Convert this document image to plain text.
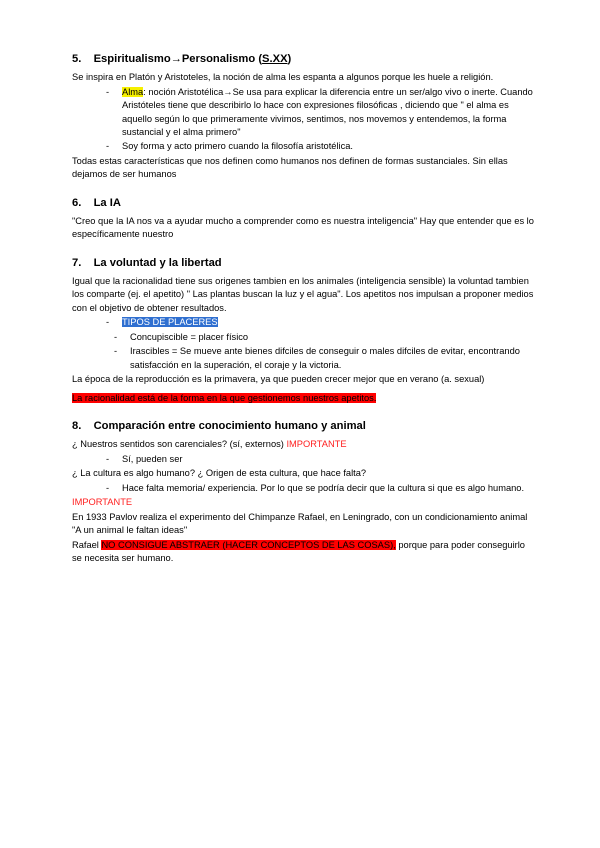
5. Espiritualismo→Personalismo (S.XX)

Se inspira en Platón y Aristoteles, la noción de alma les espanta a algunos porque les huele a religión.

- Alma: noción Aristotélica→Se usa para explicar la diferencia entre un ser/algo vivo o inerte. Cuando Aristóteles tiene que describirlo lo hace con expresiones filosóficas , diciendo que " el alma es aquello según lo que primeramente vivimos, sentimos, nos movemos y entendemos, la forma sustancial y el alma primero"
- Soy forma y acto primero cuando la filosofía aristotélica.

Todas estas características que nos definen como humanos nos definen de formas sustanciales. Sin ellas dejamos de ser humanos

6. La IA

"Creo que la IA nos va a ayudar mucho a comprender como es nuestra inteligencia" Hay que entender que es lo específicamente nuestro

7. La voluntad y la libertad

Igual que la racionalidad tiene sus origenes tambien en los animales (inteligencia sensible) la voluntad tambien los comparte (ej. el apetito) " Las plantas buscan la luz y el agua". Los apetitos nos impulsan a proponer medios con el objetivo de obtener resultados.

- TIPOS DE PLACERES
- Concupiscible = placer físico
- Irascibles = Se mueve ante bienes difciles de conseguir o males difciles de evitar, encontrando satisfacción en la superación, el coraje y la victoria.

La época de la reproducción es la primavera, ya que pueden crecer mejor que en verano (a. sexual)

La racionalidad está de la forma en la que gestionemos nuestros apetitos.

8. Comparación entre conocimiento humano y animal

¿ Nuestros sentidos son carenciales? (sí, externos) IMPORTANTE

- Sí, pueden ser

¿ La cultura es algo humano? ¿ Origen de esta cultura, que hace falta?

- Hace falta memoria/ experiencia. Por lo que se podría decir que la cultura si que es algo humano.

IMPORTANTE

En 1933 Pavlov realiza el experimento del Chimpanze Rafael, en Leningrado, con un condicionamiento animal "A un animal le faltan ideas"

Rafael NO CONSIGUE ABSTRAER (HACER CONCEPTOS DE LAS COSAS), porque para poder conseguirlo se necesita ser humano.
